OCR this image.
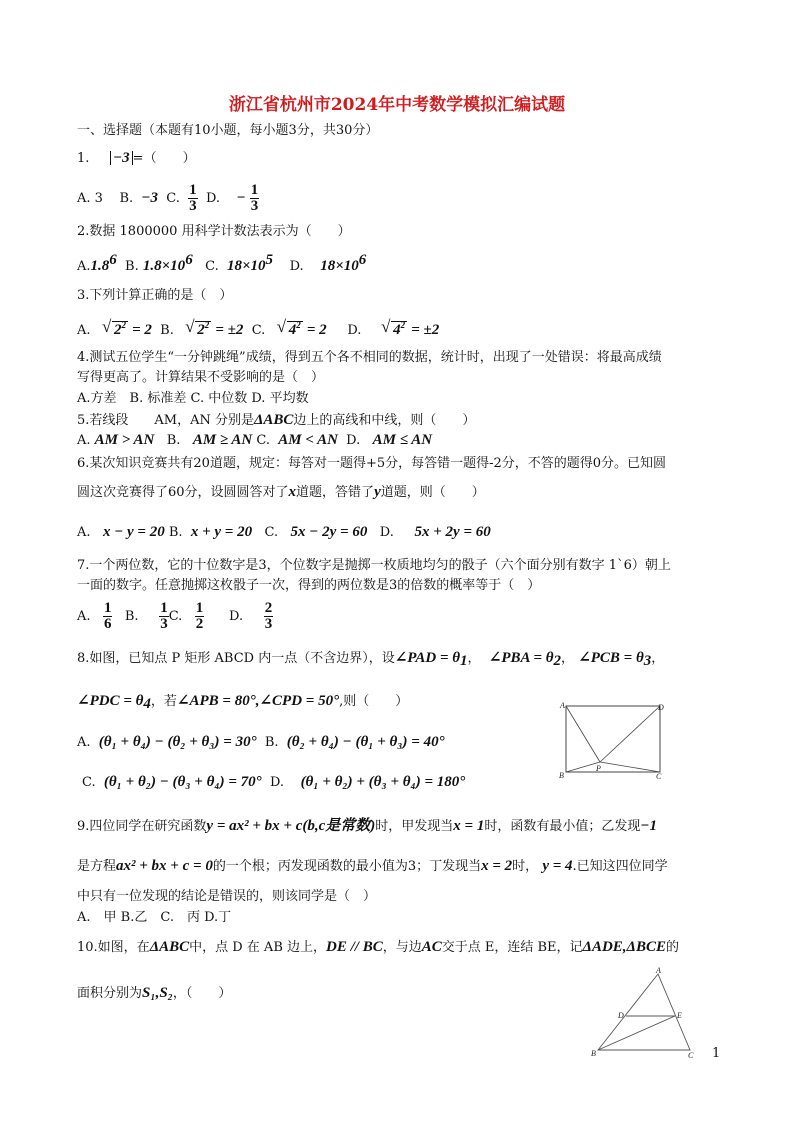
浙江省杭州市2024年中考数学模拟汇编试题
一、选择题（本题有10小题，每小题3分，共30分）
1. −3 =（　　）
A. 3 B. −3 C. $\frac{1}{3} D$. − $\frac{1}{3}$
2.数据 1800000 用科学计数法表示为（　　）
A.1.8$^6$ B. $1.8\times 10^6$ C. $18\times 10^5$ D. $18\times 10^6$
3.下列计算正确的是（　）
A. √ $2^2 = 2$ B. √ $2^2 = \pm 2$ C. √ $4^2 = 2$ D. √ $4^2 = \pm 2$
4.测试五位学生“一分钟跳绳”成绩，得到五个各不相同的数据，统计时，出现了一处错误：将最高成绩
写得更高了。计算结果不受影响的是（　）
A.方差　B. 标准差 C. 中位数 D. 平均数
5.若线段　　AM，AN 分别是ΔABC边上的高线和中线，则（　　）
A. AM > AN B. AM ≥ AN C. AM < AN D. AM ≤ AN
6.某次知识竞赛共有20道题，规定：每答对一题得+5分，每答错一题得-2分，不答的题得0分。已知圆
圆这次竞赛得了60分，设圆圆答对了x道题，答错了y道题，则（　　）
A. x − y = 20 B. x + y = 20 C. 5x − 2y = 60 D. 5x + 2y = 60
7.一个两位数，它的十位数字是3，个位数字是抛掷一枚质地均匀的骰子（六个面分别有数字 1`6）朝上
一面的数字。任意抛掷这枚骰子一次，得到的两位数是3的倍数的概率等于（　）
A. $\frac{1}{6} B$. $\frac{1}{3} C$. $\frac{1}{2} D$. $\frac{2}{3}$
8.如图，已知点 P 矩形 ABCD 内一点（不含边界），设∠PAD = $\theta_1$，  ∠PBA = $\theta_2$， ∠PCB = $\theta_3$，
∠PDC = $\theta_4$，若∠APB = 80°,∠CPD = 50°,则（　　）
A. (θ₁ + θ₄) − (θ₂ + θ₃) = 30° B. (θ₂ + θ₄) − (θ₁ + θ₃) = 40°
C. (θ₁ + θ₂) − (θ₃ + θ₄) = 70° D. (θ₁ + θ₂) + (θ₃ + θ₄) = 180°
A	D
B	C
P
9.四位同学在研究函数y = ax² + bx + c(b,c是常数)时，甲发现当x = 1时，函数有最小值；乙发现−1
是方程ax² + bx + c = 0的一个根；丙发现函数的最小值为3；丁发现当x = 2时， y = 4.已知这四位同学
中只有一位发现的结论是错误的，则该同学是（　）
A.　甲 B.乙　C.　丙 D.丁
10.如图，在ΔABC中，点 D 在 AB 边上，DE // BC，与边AC交于点 E，连结 BE，记ΔADE,ΔBCE的
面积分别为S₁,S₂，（　　）
A
D	E
B	C 1
